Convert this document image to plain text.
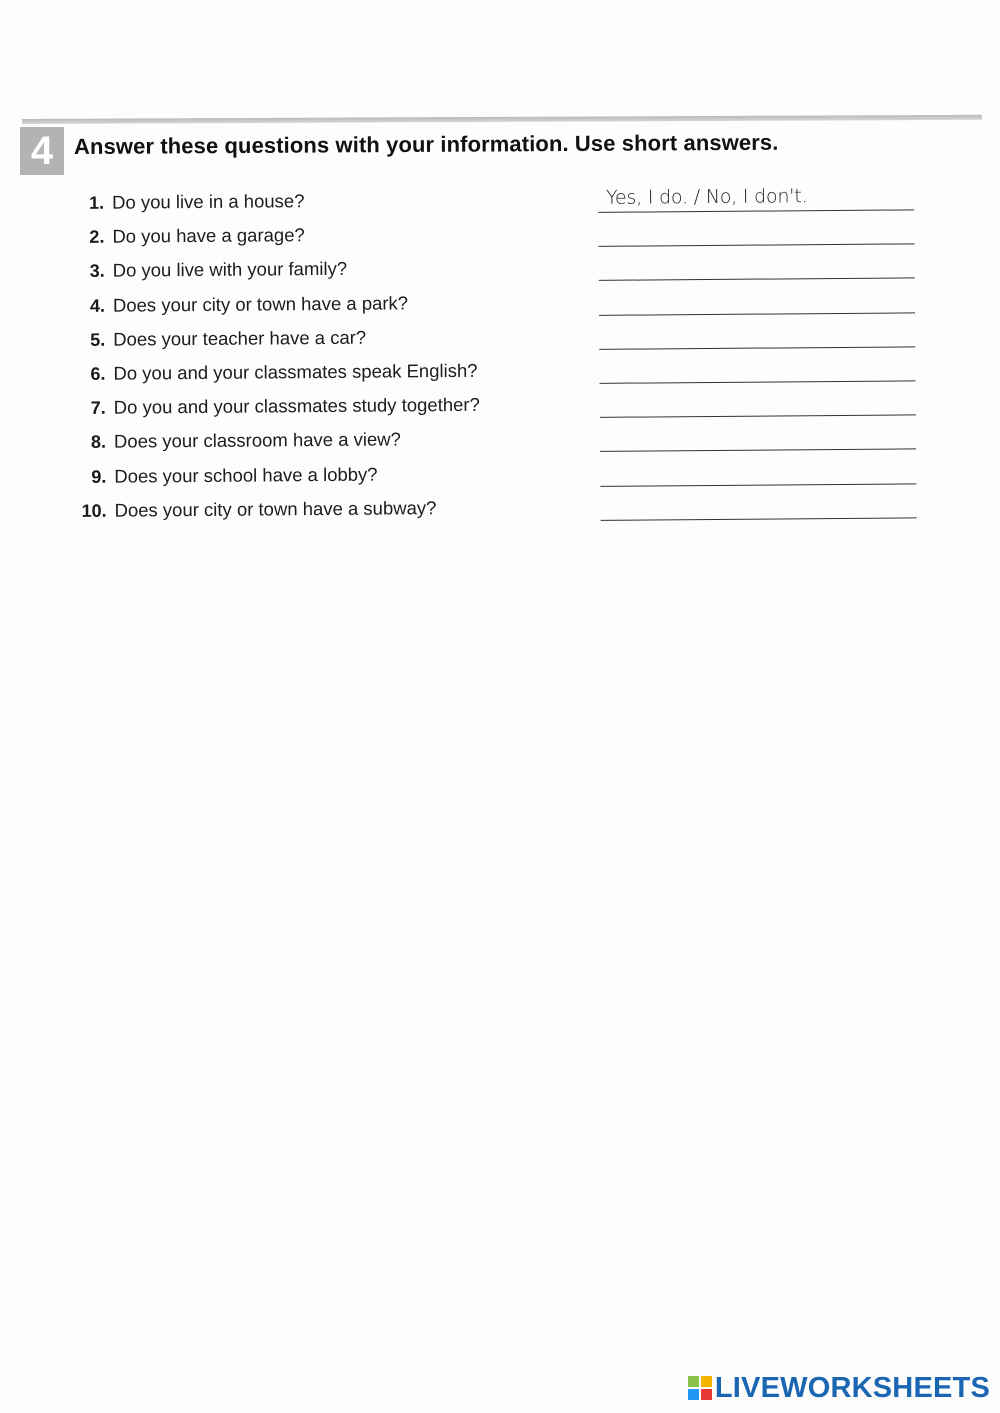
4 Answer these questions with your information. Use short answers.
1. Do you live in a house?	Yes, I do. / No, I don't.
2. Do you have a garage?
3. Do you live with your family?
4. Does your city or town have a park?
5. Does your teacher have a car?
6. Do you and your classmates speak English?
7. Do you and your classmates study together?
8. Does your classroom have a view?
9. Does your school have a lobby?
10. Does your city or town have a subway?
LIVEWORKSHEETS
